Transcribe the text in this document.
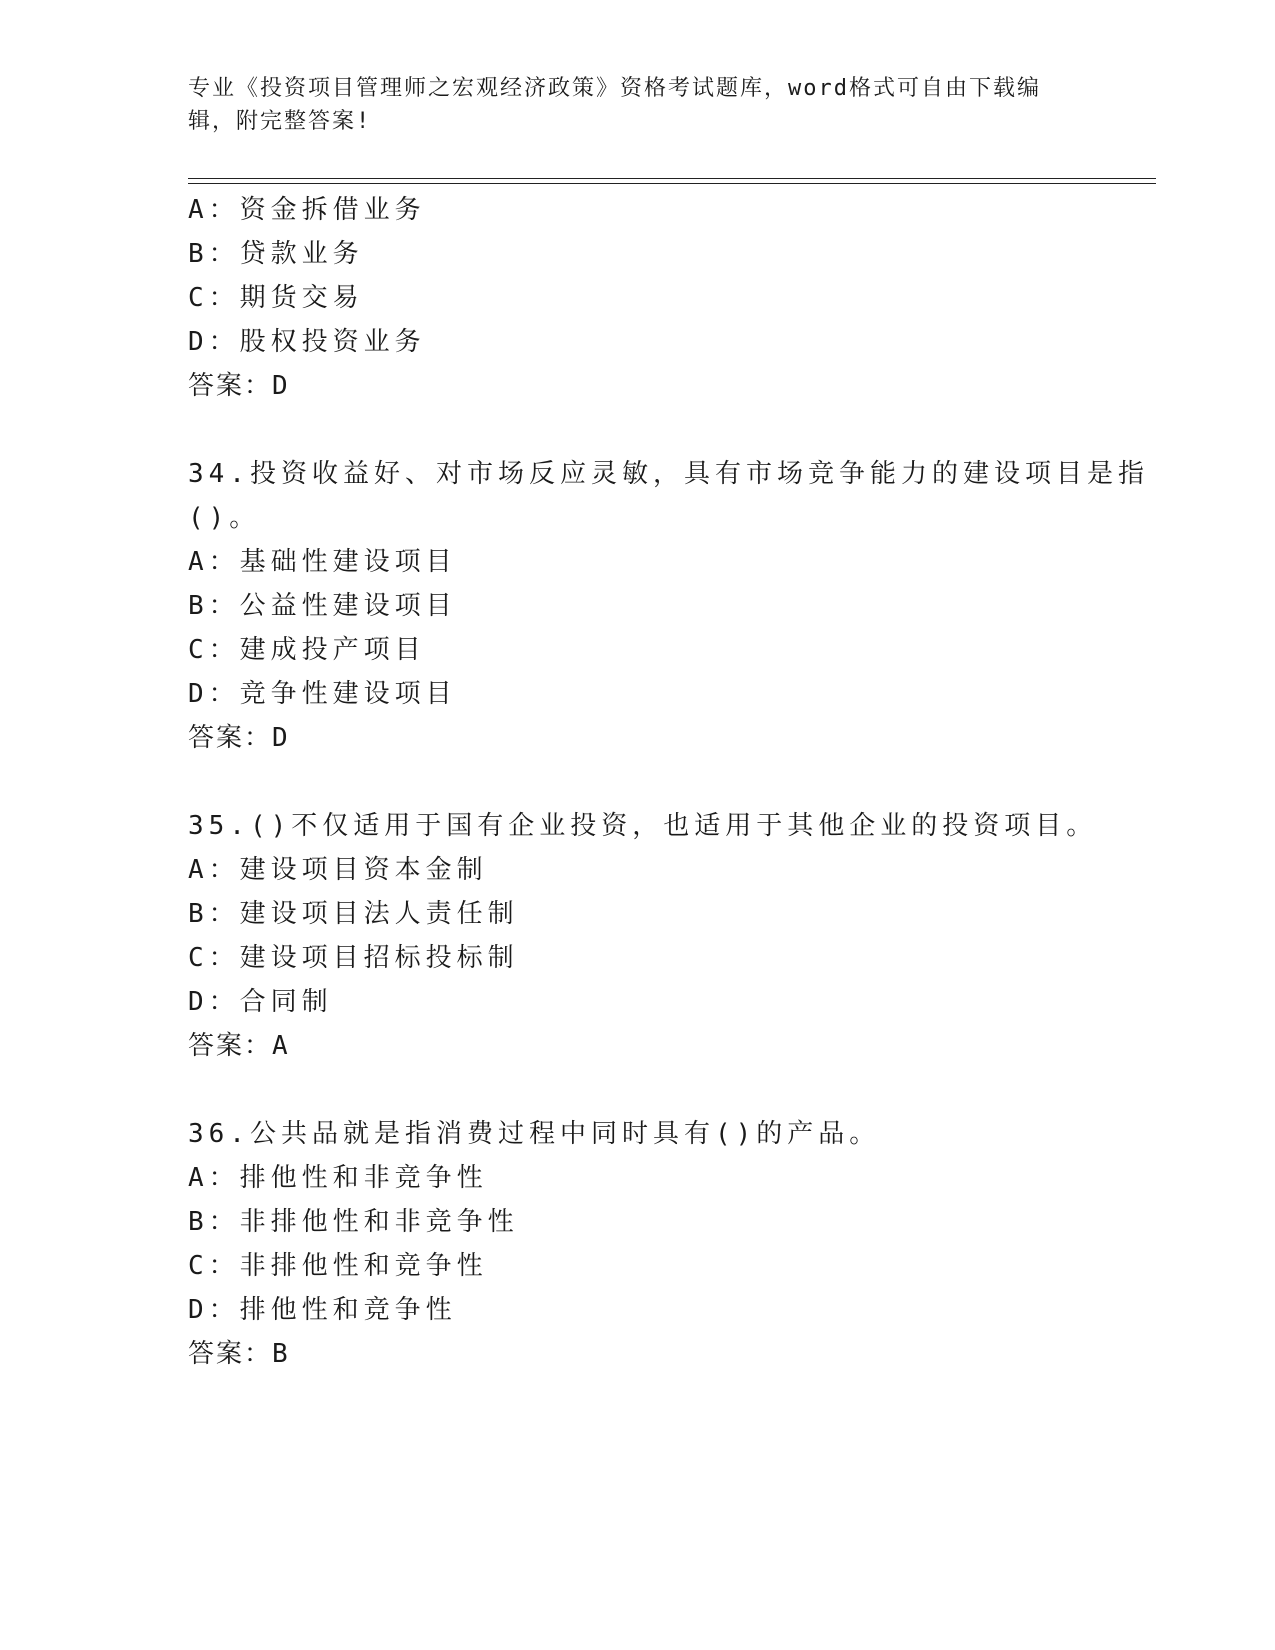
专业《投资项目管理师之宏观经济政策》资格考试题库，word格式可自由下载编辑，附完整答案!
A：资金拆借业务
B：贷款业务
C：期货交易
D：股权投资业务
答案：D
34.投资收益好、对市场反应灵敏，具有市场竞争能力的建设项目是指
()。
A：基础性建设项目
B：公益性建设项目
C：建成投产项目
D：竞争性建设项目
答案：D
35.()不仅适用于国有企业投资，也适用于其他企业的投资项目。
A：建设项目资本金制
B：建设项目法人责任制
C：建设项目招标投标制
D：合同制
答案：A
36.公共品就是指消费过程中同时具有()的产品。
A：排他性和非竞争性
B：非排他性和非竞争性
C：非排他性和竞争性
D：排他性和竞争性
答案：B
